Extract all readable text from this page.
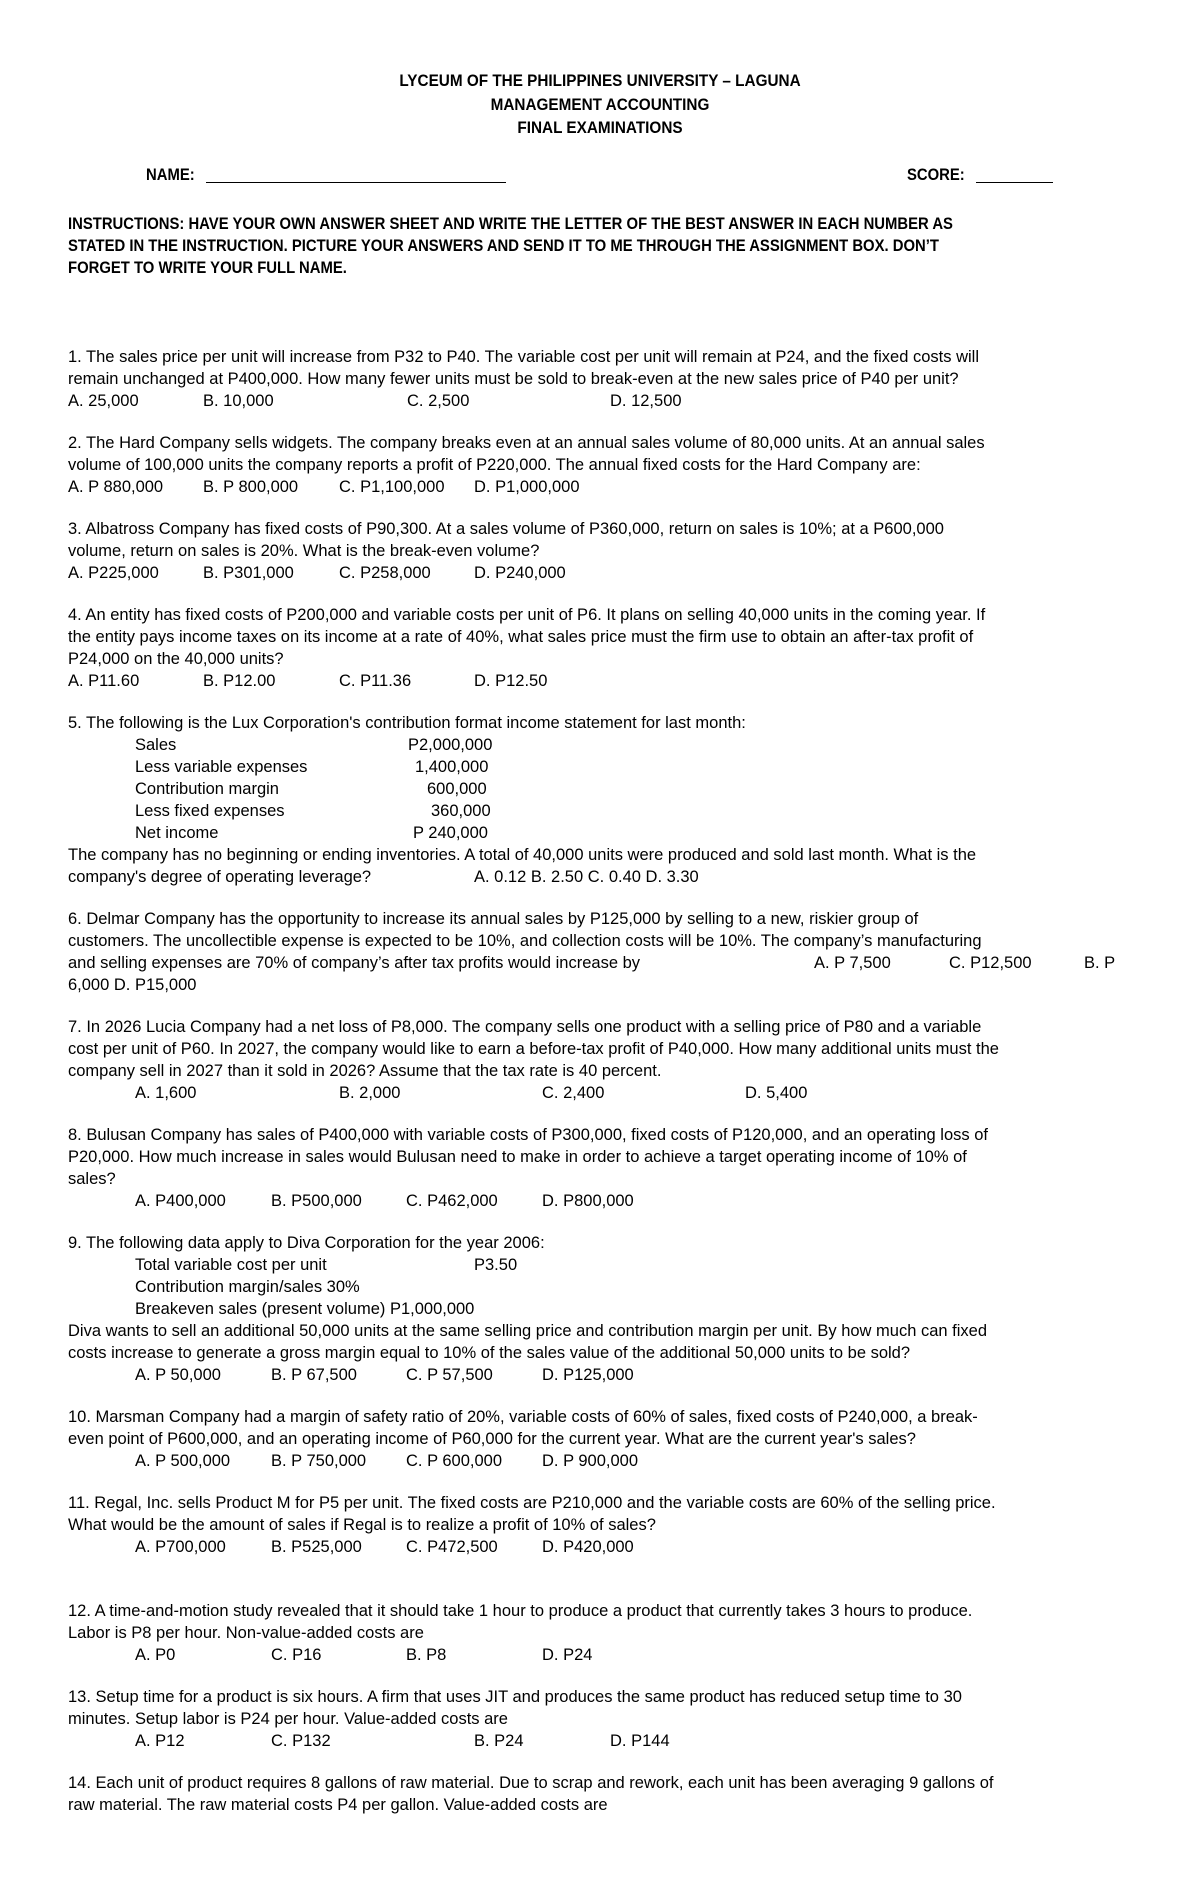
LYCEUM OF THE PHILIPPINES UNIVERSITY – LAGUNA
MANAGEMENT ACCOUNTING
FINAL EXAMINATIONS
NAME:	SCORE:
INSTRUCTIONS: HAVE YOUR OWN ANSWER SHEET AND WRITE THE LETTER OF THE BEST ANSWER IN EACH NUMBER AS
STATED IN THE INSTRUCTION. PICTURE YOUR ANSWERS AND SEND IT TO ME THROUGH THE ASSIGNMENT BOX. DON’T
FORGET TO WRITE YOUR FULL NAME.
1. The sales price per unit will increase from P32 to P40. The variable cost per unit will remain at P24, and the fixed costs will
remain unchanged at P400,000. How many fewer units must be sold to break-even at the new sales price of P40 per unit?
A. 25,000	B. 10,000	C. 2,500	D. 12,500
2. The Hard Company sells widgets. The company breaks even at an annual sales volume of 80,000 units. At an annual sales
volume of 100,000 units the company reports a profit of P220,000. The annual fixed costs for the Hard Company are:
A. P 880,000 B. P 800,000 C. P1,100,000 D. P1,000,000
3. Albatross Company has fixed costs of P90,300. At a sales volume of P360,000, return on sales is 10%; at a P600,000
volume, return on sales is 20%. What is the break-even volume?
A. P225,000	B. P301,000	C. P258,000	D. P240,000
4. An entity has fixed costs of P200,000 and variable costs per unit of P6. It plans on selling 40,000 units in the coming year. If
the entity pays income taxes on its income at a rate of 40%, what sales price must the firm use to obtain an after-tax profit of
P24,000 on the 40,000 units?
A. P11.60	B. P12.00	C. P11.36	D. P12.50
5. The following is the Lux Corporation's contribution format income statement for last month:
Sales	P2,000,000
Less variable expenses	1,400,000
Contribution margin	600,000
Less fixed expenses	360,000
Net income	P 240,000
The company has no beginning or ending inventories. A total of 40,000 units were produced and sold last month. What is the
company's degree of operating leverage?	A. 0.12 B. 2.50 C. 0.40 D. 3.30
6. Delmar Company has the opportunity to increase its annual sales by P125,000 by selling to a new, riskier group of
customers. The uncollectible expense is expected to be 10%, and collection costs will be 10%. The company’s manufacturing
and selling expenses are 70% of company’s after tax profits would increase by	A. P 7,500	C. P12,500	B. P
6,000 D. P15,000
7. In 2026 Lucia Company had a net loss of P8,000. The company sells one product with a selling price of P80 and a variable
cost per unit of P60. In 2027, the company would like to earn a before-tax profit of P40,000. How many additional units must the
company sell in 2027 than it sold in 2026? Assume that the tax rate is 40 percent.
A. 1,600	B. 2,000	C. 2,400	D. 5,400
8. Bulusan Company has sales of P400,000 with variable costs of P300,000, fixed costs of P120,000, and an operating loss of
P20,000. How much increase in sales would Bulusan need to make in order to achieve a target operating income of 10% of
sales?
A. P400,000	B. P500,000	C. P462,000	D. P800,000
9. The following data apply to Diva Corporation for the year 2006:
Total variable cost per unit	P3.50
Contribution margin/sales 30%
Breakeven sales (present volume) P1,000,000
Diva wants to sell an additional 50,000 units at the same selling price and contribution margin per unit. By how much can fixed
costs increase to generate a gross margin equal to 10% of the sales value of the additional 50,000 units to be sold?
A. P 50,000	B. P 67,500	C. P 57,500	D. P125,000
10. Marsman Company had a margin of safety ratio of 20%, variable costs of 60% of sales, fixed costs of P240,000, a break-
even point of P600,000, and an operating income of P60,000 for the current year. What are the current year's sales?
A. P 500,000 B. P 750,000 C. P 600,000 D. P 900,000
11. Regal, Inc. sells Product M for P5 per unit. The fixed costs are P210,000 and the variable costs are 60% of the selling price.
What would be the amount of sales if Regal is to realize a profit of 10% of sales?
A. P700,000	B. P525,000	C. P472,500	D. P420,000
12. A time-and-motion study revealed that it should take 1 hour to produce a product that currently takes 3 hours to produce.
Labor is P8 per hour. Non-value-added costs are
A. P0	C. P16	B. P8	D. P24
13. Setup time for a product is six hours. A firm that uses JIT and produces the same product has reduced setup time to 30
minutes. Setup labor is P24 per hour. Value-added costs are
A. P12	C. P132	B. P24	D. P144
14. Each unit of product requires 8 gallons of raw material. Due to scrap and rework, each unit has been averaging 9 gallons of
raw material. The raw material costs P4 per gallon. Value-added costs are
